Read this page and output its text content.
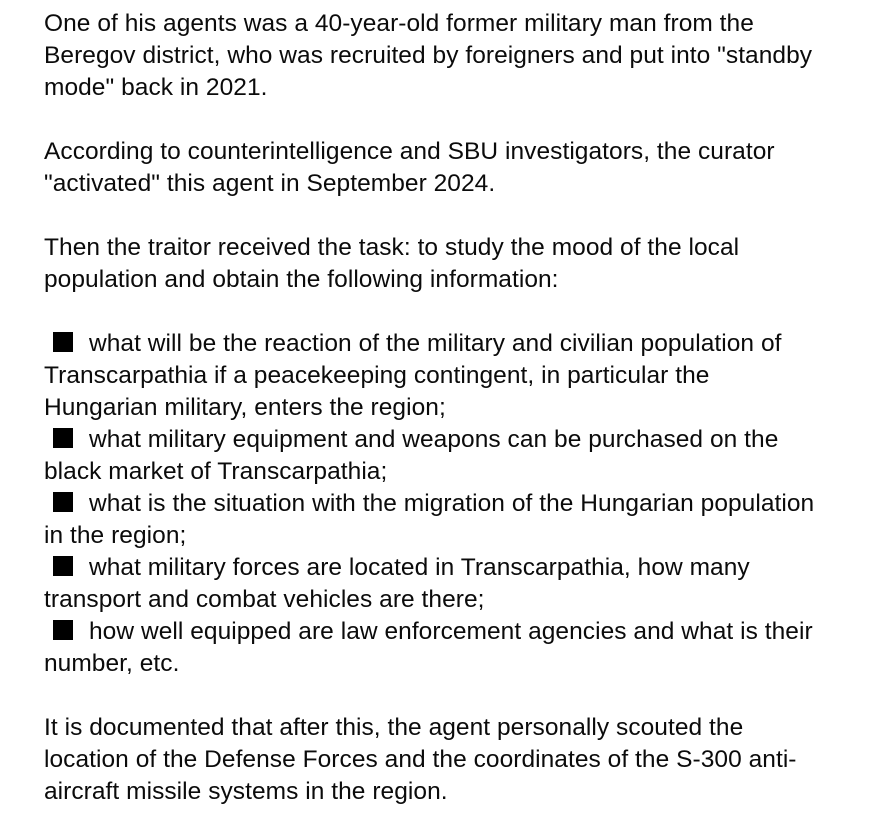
One of his agents was a 40-year-old former military man from the Beregov district, who was recruited by foreigners and put into "standby mode" back in 2021.

According to counterintelligence and SBU investigators, the curator "activated" this agent in September 2024.

Then the traitor received the task: to study the mood of the local population and obtain the following information:

what will be the reaction of the military and civilian population of Transcarpathia if a peacekeeping contingent, in particular the Hungarian military, enters the region;
what military equipment and weapons can be purchased on the black market of Transcarpathia;
what is the situation with the migration of the Hungarian population in the region;
what military forces are located in Transcarpathia, how many transport and combat vehicles are there;
how well equipped are law enforcement agencies and what is their number, etc.

It is documented that after this, the agent personally scouted the location of the Defense Forces and the coordinates of the S-300 anti-aircraft missile systems in the region.
